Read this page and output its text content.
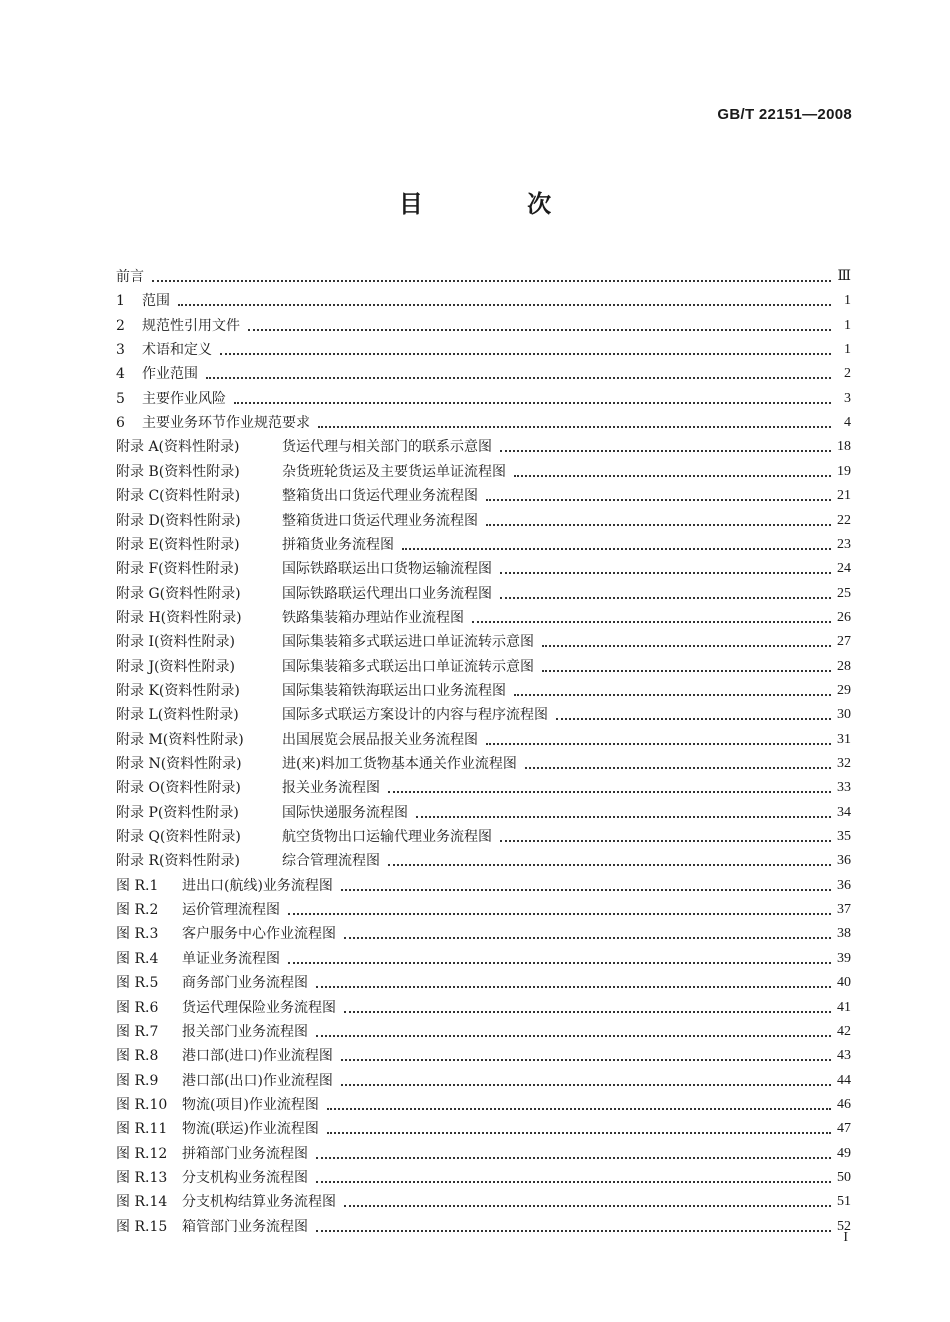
GB/T 22151—2008
目 次
前言	Ⅲ
1	范围	1
2	规范性引用文件	1
3	术语和定义	1
4	作业范围	2
5	主要作业风险	3
6	主要业务环节作业规范要求	4
附录 A(资料性附录)	货运代理与相关部门的联系示意图	18
附录 B(资料性附录)	杂货班轮货运及主要货运单证流程图	19
附录 C(资料性附录)	整箱货出口货运代理业务流程图	21
附录 D(资料性附录)	整箱货进口货运代理业务流程图	22
附录 E(资料性附录)	拼箱货业务流程图	23
附录 F(资料性附录)	国际铁路联运出口货物运输流程图	24
附录 G(资料性附录)	国际铁路联运代理出口业务流程图	25
附录 H(资料性附录)	铁路集装箱办理站作业流程图	26
附录 I(资料性附录)	国际集装箱多式联运进口单证流转示意图	27
附录 J(资料性附录)	国际集装箱多式联运出口单证流转示意图	28
附录 K(资料性附录)	国际集装箱铁海联运出口业务流程图	29
附录 L(资料性附录)	国际多式联运方案设计的内容与程序流程图	30
附录 M(资料性附录)	出国展览会展品报关业务流程图	31
附录 N(资料性附录)	进(来)料加工货物基本通关作业流程图	32
附录 O(资料性附录)	报关业务流程图	33
附录 P(资料性附录)	国际快递服务流程图	34
附录 Q(资料性附录)	航空货物出口运输代理业务流程图	35
附录 R(资料性附录)	综合管理流程图	36
图 R.1	进出口(航线)业务流程图	36
图 R.2	运价管理流程图	37
图 R.3	客户服务中心作业流程图	38
图 R.4	单证业务流程图	39
图 R.5	商务部门业务流程图	40
图 R.6	货运代理保险业务流程图	41
图 R.7	报关部门业务流程图	42
图 R.8	港口部(进口)作业流程图	43
图 R.9	港口部(出口)作业流程图	44
图 R.10	物流(项目)作业流程图	46
图 R.11	物流(联运)作业流程图	47
图 R.12	拼箱部门业务流程图	49
图 R.13	分支机构业务流程图	50
图 R.14	分支机构结算业务流程图	51
图 R.15	箱管部门业务流程图	52
I
